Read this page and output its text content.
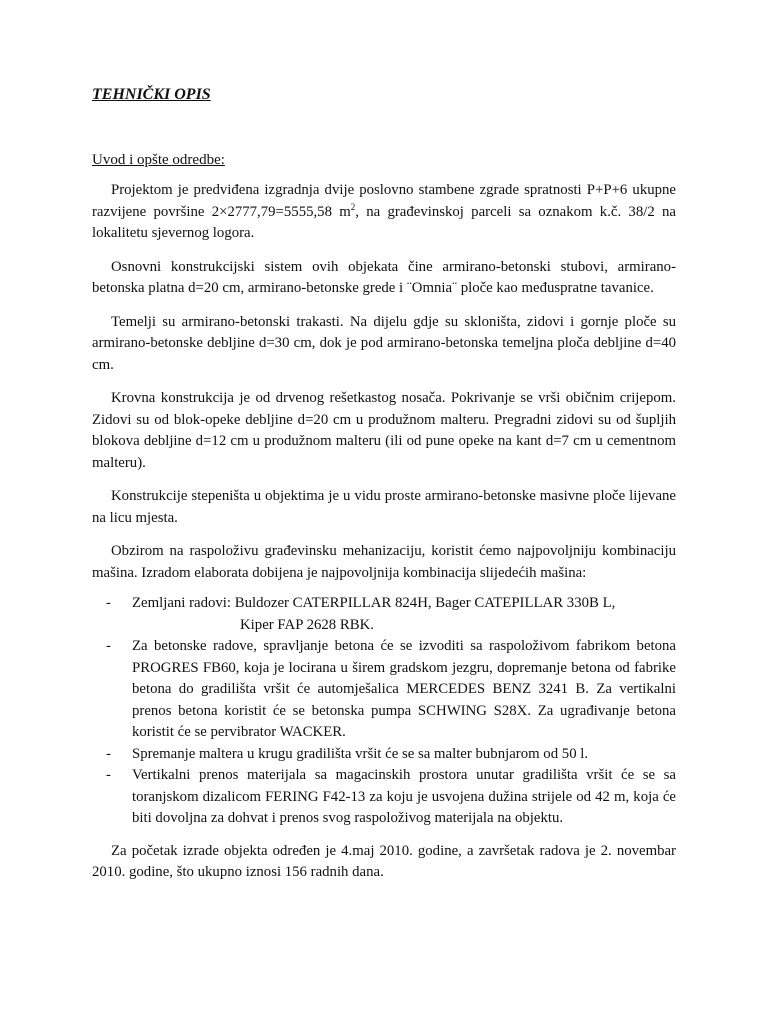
TEHNIČKI OPIS
Uvod i opšte odredbe:

Projektom je predviđena izgradnja dvije poslovno stambene zgrade spratnosti P+P+6 ukupne razvijene površine 2×2777,79=5555,58 $m^2$, na građevinskoj parceli sa oznakom k.č. 38/2 na lokalitetu sjevernog logora.

Osnovni konstrukcijski sistem ovih objekata čine armirano-betonski stubovi, armirano-betonska platna d=20 cm, armirano-betonske grede i ¨Omnia¨ ploče kao međuspratne tavanice.

Temelji su armirano-betonski trakasti. Na dijelu gdje su skloništa, zidovi i gornje ploče su armirano-betonske debljine d=30 cm, dok je pod armirano-betonska temeljna ploča debljine d=40 cm.

Krovna konstrukcija je od drvenog rešetkastog nosača. Pokrivanje se vrši običnim crijepom. Zidovi su od blok-opeke debljine d=20 cm u produžnom malteru. Pregradni zidovi su od šupljih blokova debljine d=12 cm u produžnom malteru (ili od pune opeke na kant d=7 cm u cementnom malteru).

Konstrukcije stepeništa u objektima je u vidu proste armirano-betonske masivne ploče lijevane na licu mjesta.

Obzirom na raspoloživu građevinsku mehanizaciju, koristit ćemo najpovoljniju kombinaciju mašina. Izradom elaborata dobijena je najpovoljnija kombinacija slijedećih mašina:

- Zemljani radovi: Buldozer CATERPILLAR 824H, Bager CATEPILLAR 330B L,
Kiper FAP 2628 RBK.
- Za betonske radove, spravljanje betona će se izvoditi sa raspoloživom fabrikom betona PROGRES FB60, koja je locirana u širem gradskom jezgru, dopremanje betona od fabrike betona do gradilišta vršit će automješalica MERCEDES BENZ 3241 B. Za vertikalni prenos betona koristit će se betonska pumpa SCHWING S28X. Za ugrađivanje betona koristit će se pervibrator WACKER.
- Spremanje maltera u krugu gradilišta vršit će se sa malter bubnjarom od 50 l.
- Vertikalni prenos materijala sa magacinskih prostora unutar gradilišta vršit će se sa toranjskom dizalicom FERING F42-13 za koju je usvojena dužina strijele od 42 m, koja će biti dovoljna za dohvat i prenos svog raspoloživog materijala na objektu.

Za početak izrade objekta određen je 4.maj 2010. godine, a završetak radova je 2. novembar 2010. godine, što ukupno iznosi 156 radnih dana.
